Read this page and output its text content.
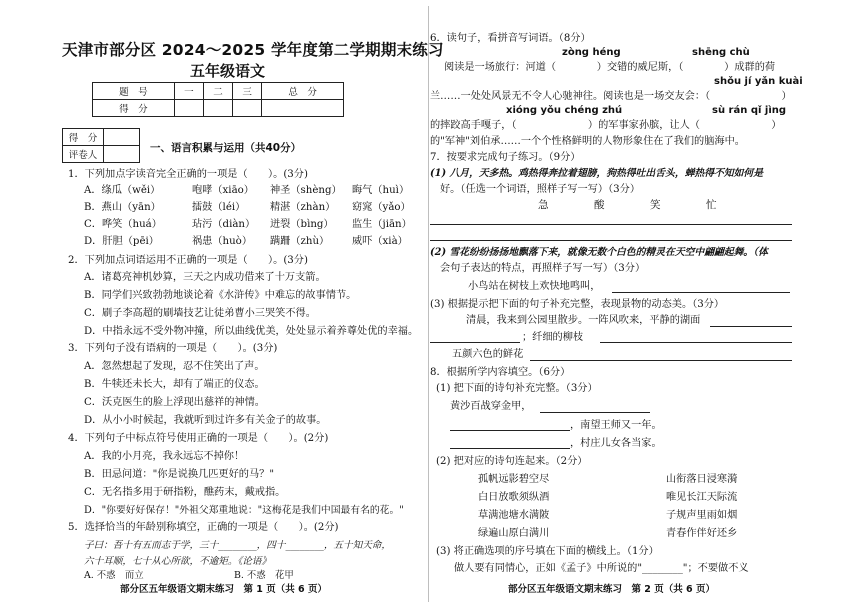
天津市部分区 2024～2025 学年度第二学期期末练习
五年级语文
题　号	一	二	三	总　分
得　分				
得　分	
评卷人	
一、语言积累与运用（共40分）
1．下列加点字读音完全正确的一项是（　　）。(3分)
A．绦瓜（wěi）	咆哮（xiāo） 神圣（shèng） 晦气（huì）
B．燕山（yān）	擂鼓（léi） 精湛（zhàn） 窈窕（yǎo）
C．哗笑（huá）	玷污（diàn） 迸裂（bìng） 监生（jiān）
D．肝胆（pēi）	祸患（huò） 蹒跚（zhù） 威吓（xià）
2．下列加点词语运用不正确的一项是（　　）。(3分)
A．诸葛亮神机妙算，三天之内成功借来了十万支箭。
B．同学们兴致勃勃地谈论着《水浒传》中难忘的故事情节。
C．刷子李高超的刷墙技艺让徒弟曹小三哭笑不得。
D．中指永远不受外物冲撞，所以曲线优美，处处显示着养尊处优的幸福。
3．下列句子没有语病的一项是（　　）。(3分)
A．忽然想起了发现，忍不住笑出了声。
B．牛犊还未长大，却有了端正的仪态。
C．沃克医生的脸上浮现出慈祥的神情。
D．从小小时候起，我就听到过许多有关金子的故事。
4．下列句子中标点符号使用正确的一项是（　　）。(2分)
A．我的小月亮，我永远忘不掉你！
B．田忌问道："你是说换几匹更好的马？"
C．无名指多用于研指粉，醮药末，戴戒指。
D．"你要好好保存！"外祖父郑重地说："这梅花是我们中国最有名的花。"
5．选择恰当的年龄别称填空，正确的一项是（　　）。(2分)
子曰：吾十有五而志于学，三十________，四十________，五十知天命，
六十耳顺，七十从心所欲，不逾矩。《论语》
A. 不惑　而立	B. 不惑　花甲
部分区五年级语文期末练习　第 1 页（共 6 页）
6．读句子，看拼音写词语。（8分）
zòng héng	shēng chù
阅读是一场旅行：河道（　　　　）交错的威尼斯，（　　　　）成群的荷
shǒu jí yǎn kuài
兰……一处处风景无不令人心驰神往。阅读也是一场交友会：（　　　　　　　）
xióng yǒu chéng zhú	sù rán qǐ jìng
的摔跤高手嘎子，（　　　　　　　）的军事家孙膑，让人（　　　　　　　）
的"军神"刘伯承……一个个性格鲜明的人物形象住在了我们的脑海中。
7．按要求完成句子练习。（9分）
(1) 八月，天多热。鸡热得奔拉着翅膀，狗热得吐出舌头，蝉热得不知如何是
好。（任选一个词语，照样子写一写）（3分）
急	酸	笑	忙
(2) 雪花纷纷扬扬地飘落下来，就像无数个白色的精灵在天空中翩翩起舞。（体
会句子表达的特点，再照样子写一写）（3分）
小鸟站在树枝上欢快地鸣叫，
(3) 根据提示把下面的句子补充完整，表现景物的动态美。（3分）
清晨，我来到公园里散步。一阵风吹来，平静的湖面
；纤细的柳枝
五颜六色的鲜花
8．根据所学内容填空。（6分）
(1) 把下面的诗句补充完整。（3分）
黄沙百战穿金甲，
，南望王师又一年。
，村庄儿女各当家。
(2) 把对应的诗句连起来。（2分）
孤帆远影碧空尽
白日放歌须纵酒
草满池塘水满陂
绿遍山原白满川
山衔落日浸寒漪
唯见长江天际流
子规声里雨如烟
青春作伴好还乡
(3) 将正确选项的序号填在下面的横线上。（1分）
做人要有同情心，正如《孟子》中所说的"________"；不要做不义
部分区五年级语文期末练习　第 2 页（共 6 页）
